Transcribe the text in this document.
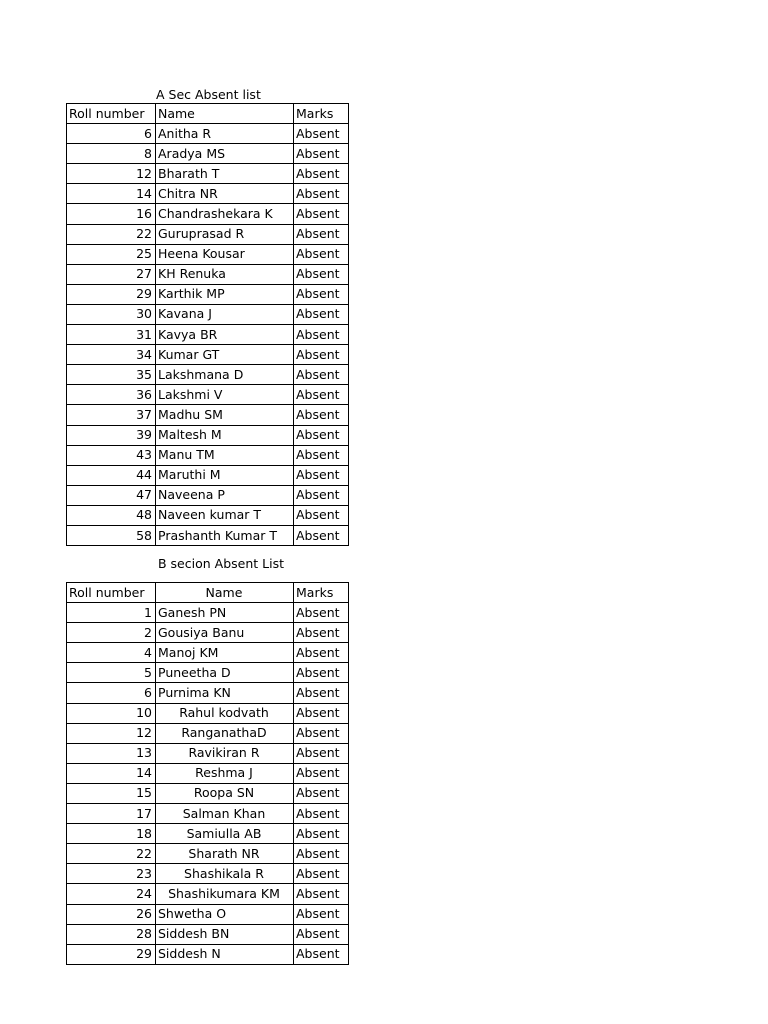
A Sec Absent list
Roll number	Name	Marks
6	Anitha R	Absent
8	Aradya MS	Absent
12	Bharath T	Absent
14	Chitra NR	Absent
16	Chandrashekara K	Absent
22	Guruprasad R	Absent
25	Heena Kousar	Absent
27	KH Renuka	Absent
29	Karthik MP	Absent
30	Kavana J	Absent
31	Kavya BR	Absent
34	Kumar GT	Absent
35	Lakshmana D	Absent
36	Lakshmi V	Absent
37	Madhu SM	Absent
39	Maltesh M	Absent
43	Manu TM	Absent
44	Maruthi M	Absent
47	Naveena P	Absent
48	Naveen kumar T	Absent
58	Prashanth Kumar T	Absent
B secion Absent List
Roll number	Name	Marks
1	Ganesh PN	Absent
2	Gousiya Banu	Absent
4	Manoj KM	Absent
5	Puneetha D	Absent
6	Purnima KN	Absent
10	Rahul kodvath	Absent
12	RanganathaD	Absent
13	Ravikiran R	Absent
14	Reshma J	Absent
15	Roopa SN	Absent
17	Salman Khan	Absent
18	Samiulla AB	Absent
22	Sharath NR	Absent
23	Shashikala R	Absent
24	Shashikumara KM	Absent
26	Shwetha O	Absent
28	Siddesh BN	Absent
29	Siddesh N	Absent
